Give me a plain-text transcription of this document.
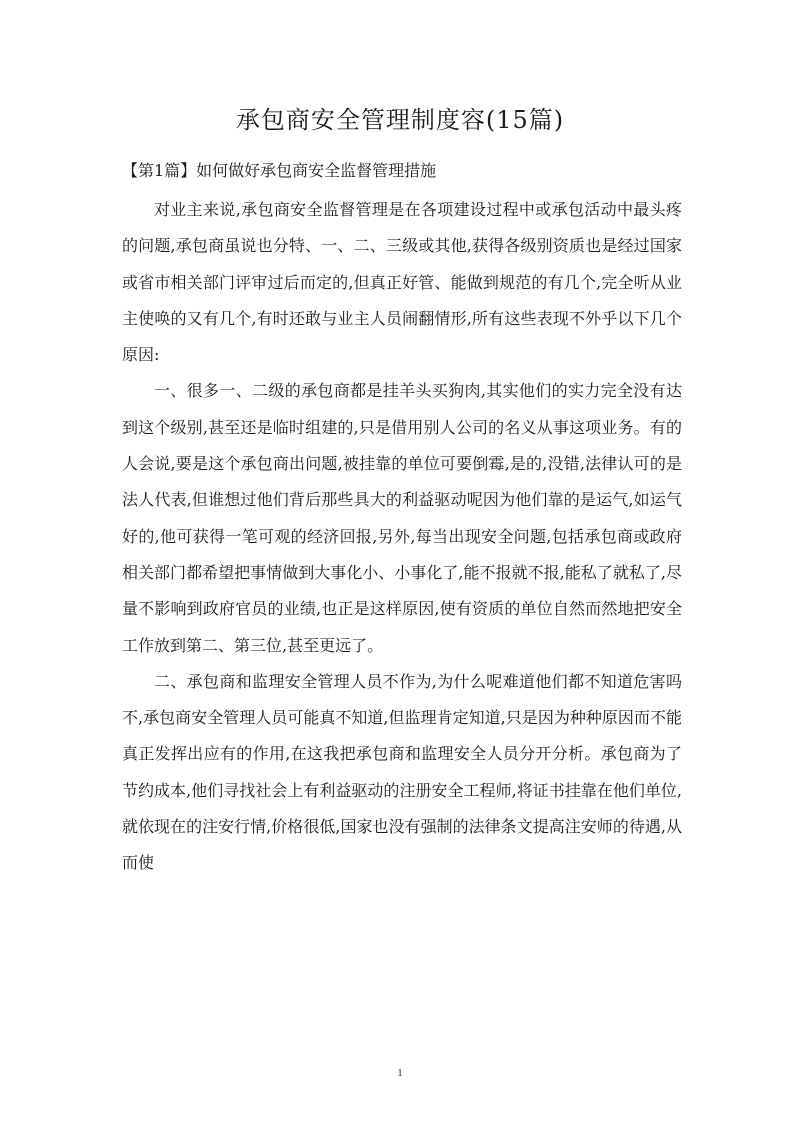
承包商安全管理制度容(15篇)
【第1篇】如何做好承包商安全监督管理措施

对业主来说,承包商安全监督管理是在各项建设过程中或承包活动中最头疼的问题,承包商虽说也分特、一、二、三级或其他,获得各级别资质也是经过国家或省市相关部门评审过后而定的,但真正好管、能做到规范的有几个,完全听从业主使唤的又有几个,有时还敢与业主人员闹翻情形,所有这些表现不外乎以下几个原因:

一、很多一、二级的承包商都是挂羊头买狗肉,其实他们的实力完全没有达到这个级别,甚至还是临时组建的,只是借用别人公司的名义从事这项业务。有的人会说,要是这个承包商出问题,被挂靠的单位可要倒霉,是的,没错,法律认可的是法人代表,但谁想过他们背后那些具大的利益驱动呢因为他们靠的是运气,如运气好的,他可获得一笔可观的经济回报,另外,每当出现安全问题,包括承包商或政府相关部门都希望把事情做到大事化小、小事化了,能不报就不报,能私了就私了,尽量不影响到政府官员的业绩,也正是这样原因,使有资质的单位自然而然地把安全工作放到第二、第三位,甚至更远了。

二、承包商和监理安全管理人员不作为,为什么呢难道他们都不知道危害吗不,承包商安全管理人员可能真不知道,但监理肯定知道,只是因为种种原因而不能真正发挥出应有的作用,在这我把承包商和监理安全人员分开分析。承包商为了节约成本,他们寻找社会上有利益驱动的注册安全工程师,将证书挂靠在他们单位,就依现在的注安行情,价格很低,国家也没有强制的法律条文提高注安师的待遇,从而使

1
